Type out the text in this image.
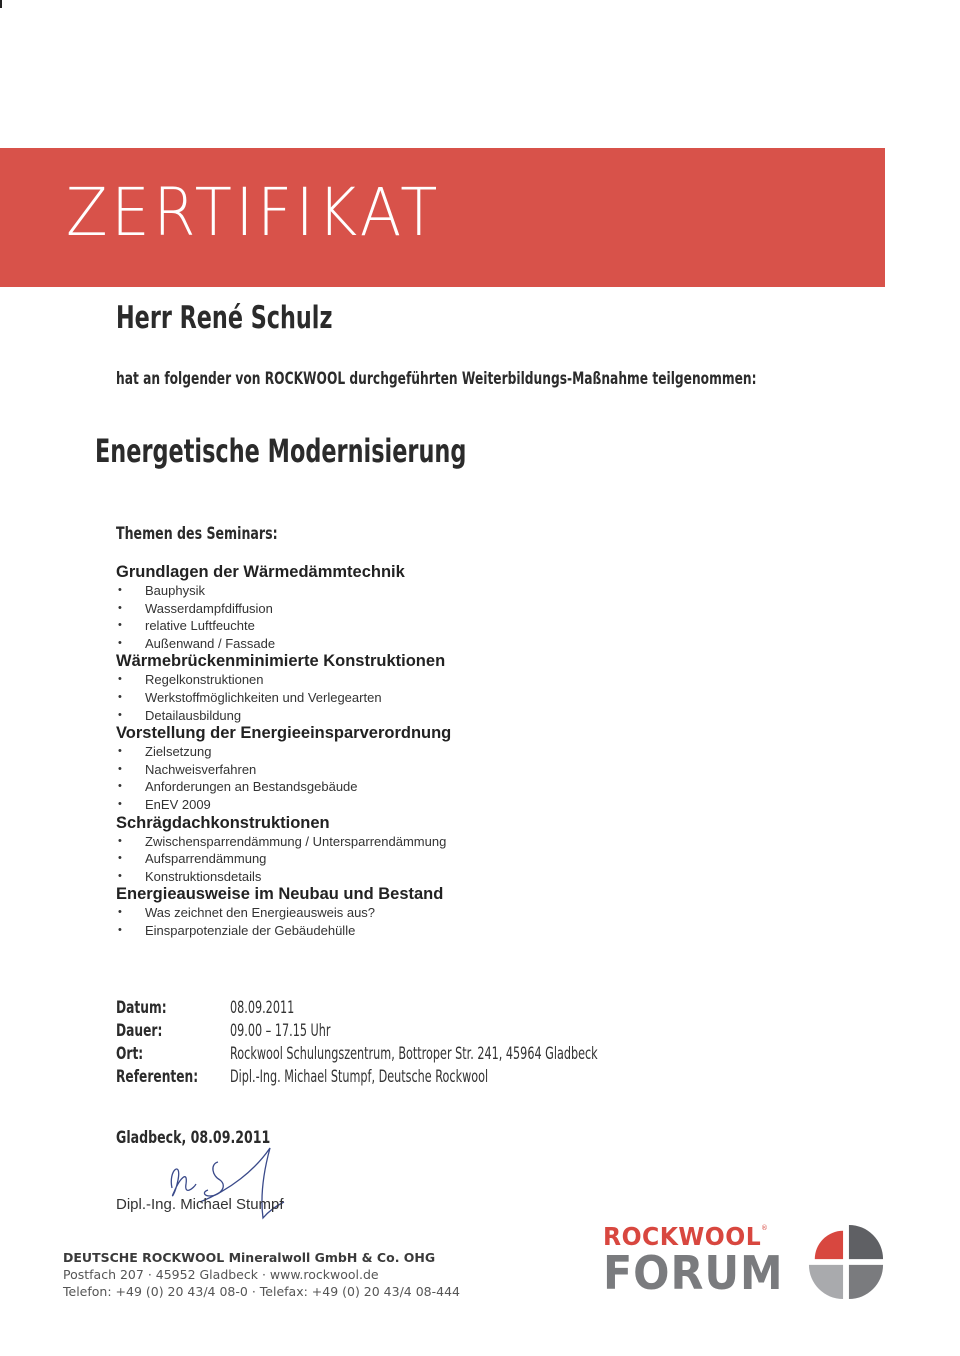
ZERTIFIKAT
Herr René Schulz
hat an folgender von ROCKWOOL durchgeführten Weiterbildungs-Maßnahme teilgenommen:
Energetische Modernisierung
Themen des Seminars:
Grundlagen der Wärmedämmtechnik
• Bauphysik
• Wasserdampfdiffusion
• relative Luftfeuchte
• Außenwand / Fassade
Wärmebrückenminimierte Konstruktionen
• Regelkonstruktionen
• Werkstoffmöglichkeiten und Verlegearten
• Detailausbildung
Vorstellung der Energieeinsparverordnung
• Zielsetzung
• Nachweisverfahren
• Anforderungen an Bestandsgebäude
• EnEV 2009
Schrägdachkonstruktionen
• Zwischensparrendämmung / Untersparrendämmung
• Aufsparrendämmung
• Konstruktionsdetails
Energieausweise im Neubau und Bestand
• Was zeichnet den Energieausweis aus?
• Einsparpotenziale der Gebäudehülle
Datum:	08.09.2011
Dauer:	09.00 – 17.15 Uhr
Ort:	Rockwool Schulungszentrum, Bottroper Str. 241, 45964 Gladbeck
Referenten: Dipl.-Ing. Michael Stumpf, Deutsche Rockwool
Gladbeck, 08.09.2011
Dipl.-Ing. Michael Stumpf
DEUTSCHE ROCKWOOL Mineralwoll GmbH & Co. OHG
Postfach 207 · 45952 Gladbeck · www.rockwool.de
Telefon: +49 (0) 20 43/4 08-0 · Telefax: +49 (0) 20 43/4 08-444
ROCKWOOL®
FORUM
